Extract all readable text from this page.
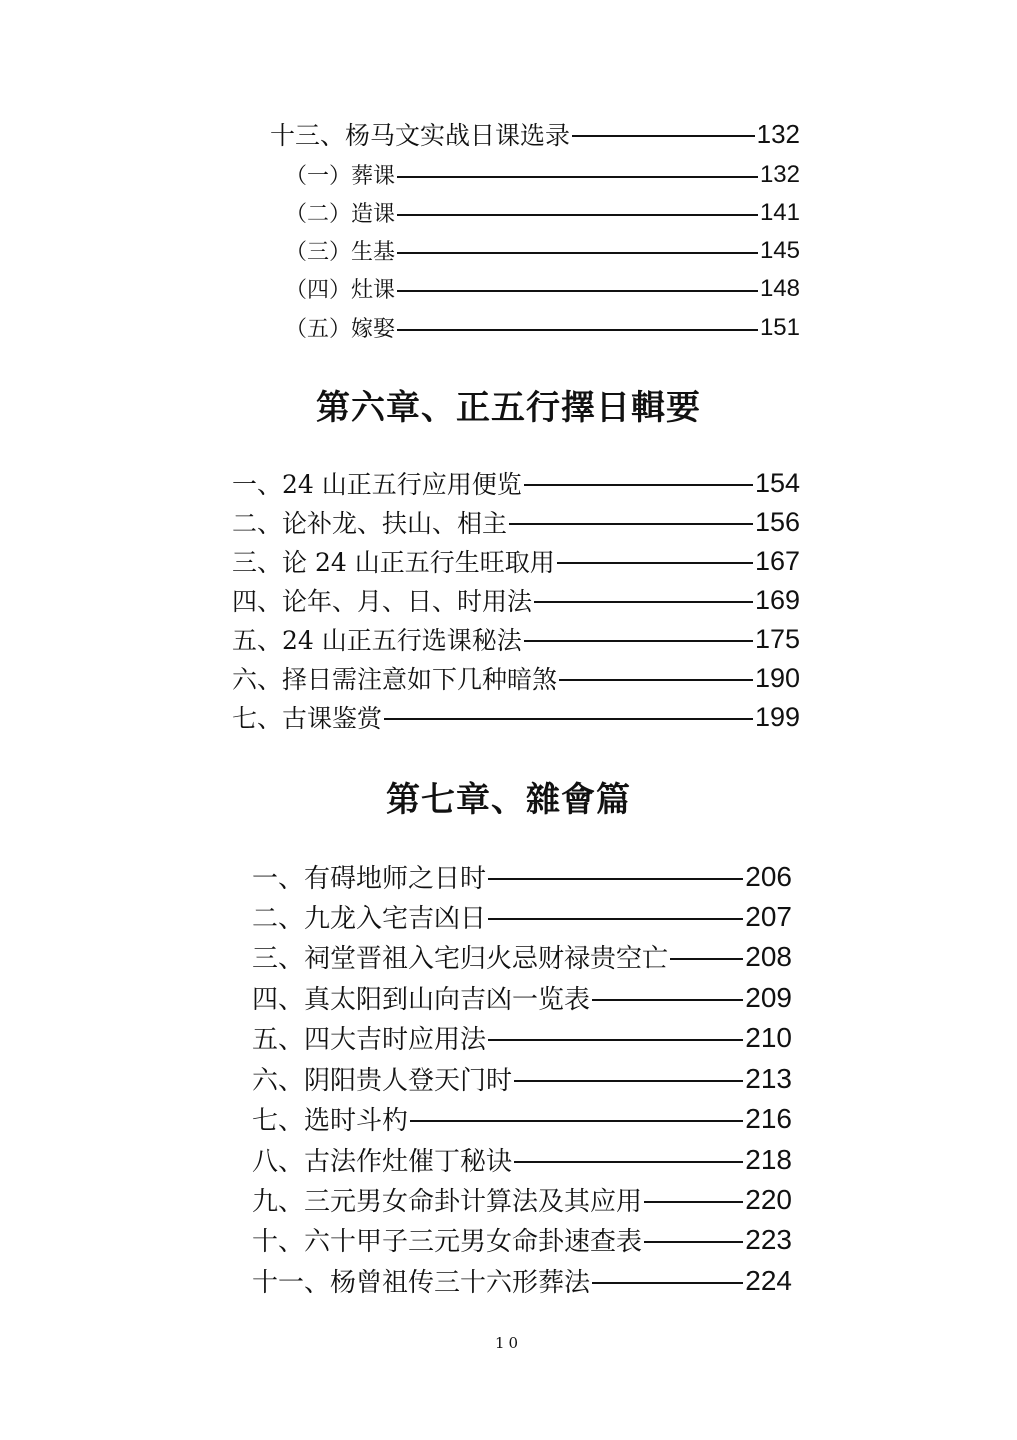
十三、杨马文实战日课选录	132
（一）葬课	132
（二）造课	141
（三）生基	145
（四）灶课	148
（五）嫁娶	151
第六章、正五行擇日輯要
一、24 山正五行应用便览	154
二、论补龙、扶山、相主	156
三、论 24 山正五行生旺取用	167
四、论年、月、日、时用法	169
五、24 山正五行选课秘法	175
六、择日需注意如下几种暗煞	190
七、古课鉴赏	199
第七章、雜會篇
一、有碍地师之日时	206
二、九龙入宅吉凶日	207
三、祠堂晋祖入宅归火忌财禄贵空亡	208
四、真太阳到山向吉凶一览表	209
五、四大吉时应用法	210
六、阴阳贵人登天门时	213
七、选时斗杓	216
八、古法作灶催丁秘诀	218
九、三元男女命卦计算法及其应用	220
十、六十甲子三元男女命卦速查表	223
十一、杨曾祖传三十六形葬法	224
10
